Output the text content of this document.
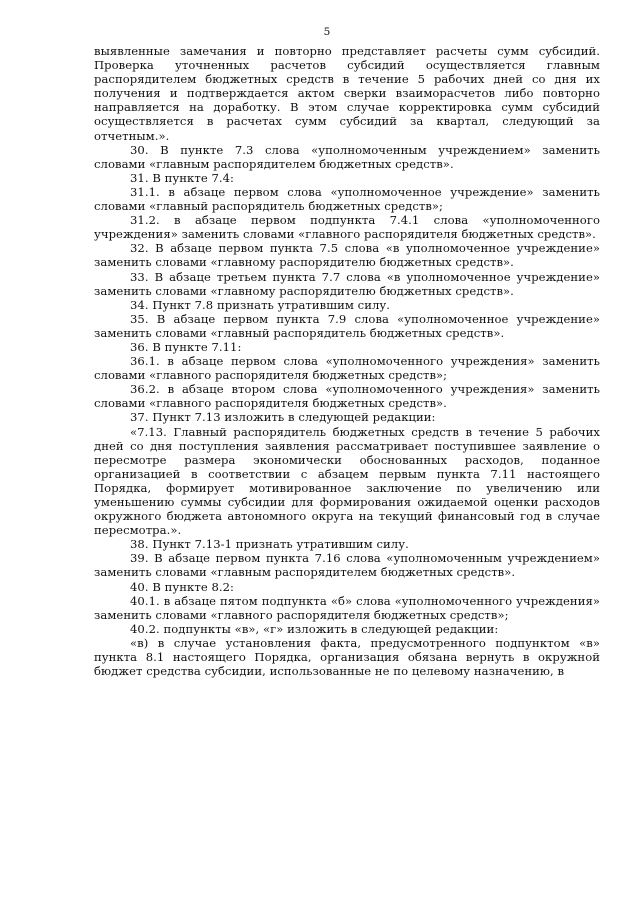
5

выявленные замечания и повторно представляет расчеты сумм субсидий. Проверка уточненных расчетов субсидий осуществляется главным распорядителем бюджетных средств в течение 5 рабочих дней со дня их получения и подтверждается актом сверки взаиморасчетов либо повторно направляется на доработку. В этом случае корректировка сумм субсидий осуществляется в расчетах сумм субсидий за квартал, следующий за отчетным.».

30. В пункте 7.3 слова «уполномоченным учреждением» заменить словами «главным распорядителем бюджетных средств».

31. В пункте 7.4:

31.1. в абзаце первом слова «уполномоченное учреждение» заменить словами «главный распорядитель бюджетных средств»;

31.2. в абзаце первом подпункта 7.4.1 слова «уполномоченного учреждения» заменить словами «главного распорядителя бюджетных средств».

32. В абзаце первом пункта 7.5 слова «в уполномоченное учреждение» заменить словами «главному распорядителю бюджетных средств».

33. В абзаце третьем пункта 7.7 слова «в уполномоченное учреждение» заменить словами «главному распорядителю бюджетных средств».

34. Пункт 7.8 признать утратившим силу.

35. В абзаце первом пункта 7.9 слова «уполномоченное учреждение» заменить словами «главный распорядитель бюджетных средств».

36. В пункте 7.11:

36.1. в абзаце первом слова «уполномоченного учреждения» заменить словами «главного распорядителя бюджетных средств»;

36.2. в абзаце втором слова «уполномоченного учреждения» заменить словами «главного распорядителя бюджетных средств».

37. Пункт 7.13 изложить в следующей редакции:

«7.13. Главный распорядитель бюджетных средств в течение 5 рабочих дней со дня поступления заявления рассматривает поступившее заявление о пересмотре размера экономически обоснованных расходов, поданное организацией в соответствии с абзацем первым пункта 7.11 настоящего Порядка, формирует мотивированное заключение по увеличению или уменьшению суммы субсидии для формирования ожидаемой оценки расходов окружного бюджета автономного округа на текущий финансовый год в случае пересмотра.».

38. Пункт 7.13-1 признать утратившим силу.

39. В абзаце первом пункта 7.16 слова «уполномоченным учреждением» заменить словами «главным распорядителем бюджетных средств».

40. В пункте 8.2:

40.1. в абзаце пятом подпункта «б» слова «уполномоченного учреждения» заменить словами «главного распорядителя бюджетных средств»;

40.2. подпункты «в», «г» изложить в следующей редакции:

«в) в случае установления факта, предусмотренного подпунктом «в» пункта 8.1 настоящего Порядка, организация обязана вернуть в окружной бюджет средства субсидии, использованные не по целевому назначению, в
